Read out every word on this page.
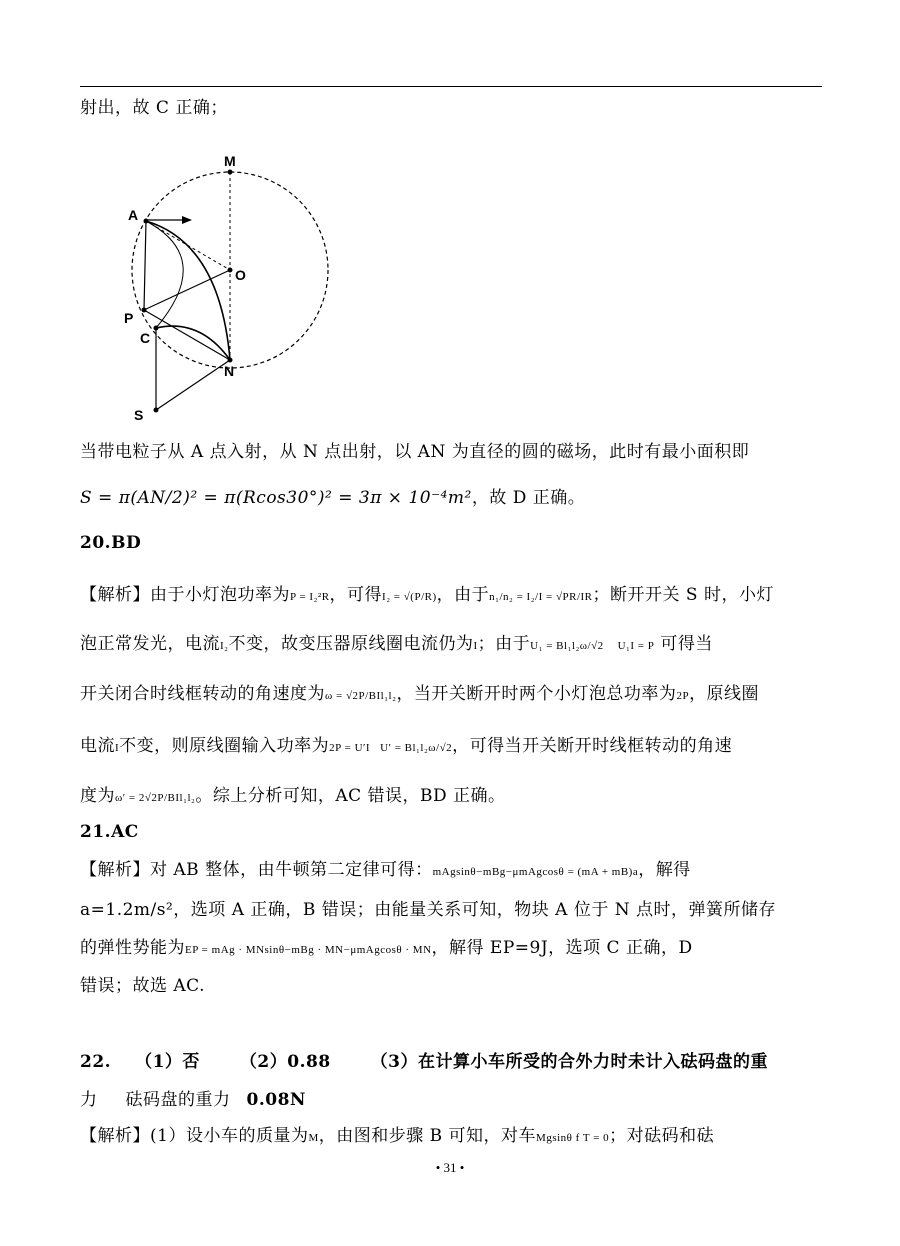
射出，故 C 正确；
M
A
O
P
C
N
S
当带电粒子从 A 点入射，从 N 点出射，以 AN 为直径的圆的磁场，此时有最小面积即
S = π(AN/2)² = π(Rcos30°)² = 3π × 10⁻⁴m²，故 D 正确。
20.BD
【解析】由于小灯泡功率为P = I₂²R，可得I₂ = √(P/R)，由于n₁/n₂ = I₂/I = √PR/IR；断开开关 S 时，小灯
泡正常发光，电流I₂不变，故变压器原线圈电流仍为I；由于U₁ = Bl₁l₂ω/√2 U₁I = P 可得当
开关闭合时线框转动的角速度为ω = √2P/BIl₁l₂，当开关断开时两个小灯泡总功率为2P，原线圈
电流I不变，则原线圈输入功率为2P = U′I U′ = Bl₁l₂ω/√2，可得当开关断开时线框转动的角速
度为ω′ = 2√2P/BIl₁l₂。综上分析可知，AC 错误，BD 正确。
21.AC
【解析】对 AB 整体，由牛顿第二定律可得：mAgsinθ−mBg−μmAgcosθ = (mA + mB)a，解得
a=1.2m/s²，选项 A 正确，B 错误；由能量关系可知，物块 A 位于 N 点时，弹簧所储存
的弹性势能为EP = mAg · MNsinθ−mBg · MN−μmAgcosθ · MN，解得 EP=9J，选项 C 正确，D
错误；故选 AC.
22. （1）否 （2）0.88 （3）在计算小车所受的合外力时未计入砝码盘的重
力 砝码盘的重力 0.08N
【解析】(1）设小车的质量为M，由图和步骤 B 可知，对车Mgsinθ f T = 0；对砝码和砝
• 31 •
